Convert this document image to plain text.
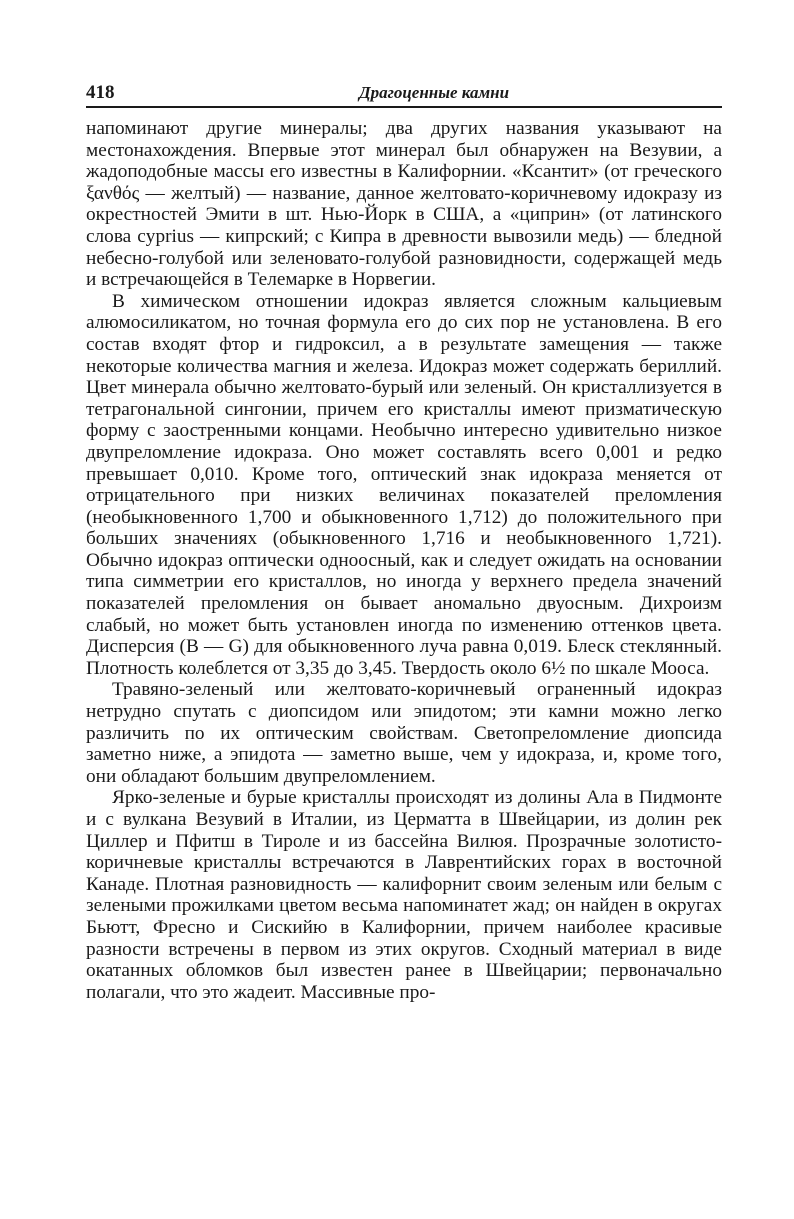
418	Драгоценные камни

напоминают другие минералы; два других названия указывают на местонахождения. Впервые этот минерал был обнаружен на Везувии, а жадоподобные массы его известны в Калифорнии. «Ксантит» (от греческого ξανθός — желтый) — название, данное желтовато-коричневому идокразу из окрестностей Эмити в шт. Нью-Йорк в США, а «циприн» (от латинского слова cyprius — кипрский; с Кипра в древности вывозили медь) — бледной небесно-голубой или зеленовато-голубой разновидности, содержащей медь и встречающейся в Телемарке в Норвегии.

В химическом отношении идокраз является сложным кальциевым алюмосиликатом, но точная формула его до сих пор не установлена. В его состав входят фтор и гидроксил, а в результате замещения — также некоторые количества магния и железа. Идокраз может содержать бериллий. Цвет минерала обычно желтовато-бурый или зеленый. Он кристаллизуется в тетрагональной сингонии, причем его кристаллы имеют призматическую форму с заостренными концами. Необычно интересно удивительно низкое двупреломление идокраза. Оно может составлять всего 0,001 и редко превышает 0,010. Кроме того, оптический знак идокраза меняется от отрицательного при низких величинах показателей преломления (необыкновенного 1,700 и обыкновенного 1,712) до положительного при больших значениях (обыкновенного 1,716 и необыкновенного 1,721). Обычно идокраз оптически одноосный, как и следует ожидать на основании типа симметрии его кристаллов, но иногда у верхнего предела значений показателей преломления он бывает аномально двуосным. Дихроизм слабый, но может быть установлен иногда по изменению оттенков цвета. Дисперсия (B — G) для обыкновенного луча равна 0,019. Блеск стеклянный. Плотность колеблется от 3,35 до 3,45. Твердость около 6½ по шкале Мооса.

Травяно-зеленый или желтовато-коричневый ограненный идокраз нетрудно спутать с диопсидом или эпидотом; эти камни можно легко различить по их оптическим свойствам. Светопреломление диопсида заметно ниже, а эпидота — заметно выше, чем у идокраза, и, кроме того, они обладают большим двупреломлением.

Ярко-зеленые и бурые кристаллы происходят из долины Ала в Пидмонте и с вулкана Везувий в Италии, из Церматта в Швейцарии, из долин рек Циллер и Пфитш в Тироле и из бассейна Вилюя. Прозрачные золотисто-коричневые кристаллы встречаются в Лаврентийских горах в восточной Канаде. Плотная разновидность — калифорнит своим зеленым или белым с зелеными прожилками цветом весьма напоминатет жад; он найден в округах Бьютт, Фресно и Сискийю в Калифорнии, причем наиболее красивые разности встречены в первом из этих округов. Сходный материал в виде окатанных обломков был известен ранее в Швейцарии; первоначально полагали, что это жадеит. Массивные про-
